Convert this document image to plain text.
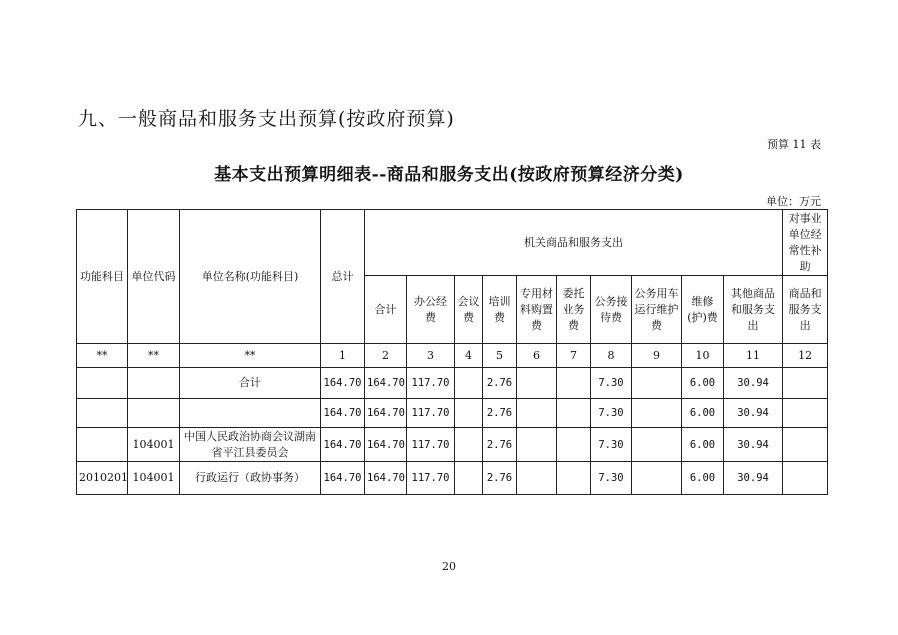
九、一般商品和服务支出预算(按政府预算)
预算 11 表
基本支出预算明细表--商品和服务支出(按政府预算经济分类)
单位：万元
功能科目	单位代码	单位名称(功能科目)	总计	机关商品和服务支出										对事业单位经常性补助
				合计	办公经费	会议费	培训费	专用材料购置费	委托业务费	公务接待费	公务用车运行维护费	维修(护)费	其他商品和服务支出	商品和服务支出
**	**	**	1	2	3	4	5	6	7	8	9	10	11	12
		合计	164.70	164.70	117.70		2.76			7.30		6.00	30.94	
			164.70	164.70	117.70		2.76			7.30		6.00	30.94	
	104001	中国人民政治协商会议湖南省平江县委员会	164.70	164.70	117.70		2.76			7.30		6.00	30.94	
2010201	104001	行政运行（政协事务）	164.70	164.70	117.70		2.76			7.30		6.00	30.94	
20
